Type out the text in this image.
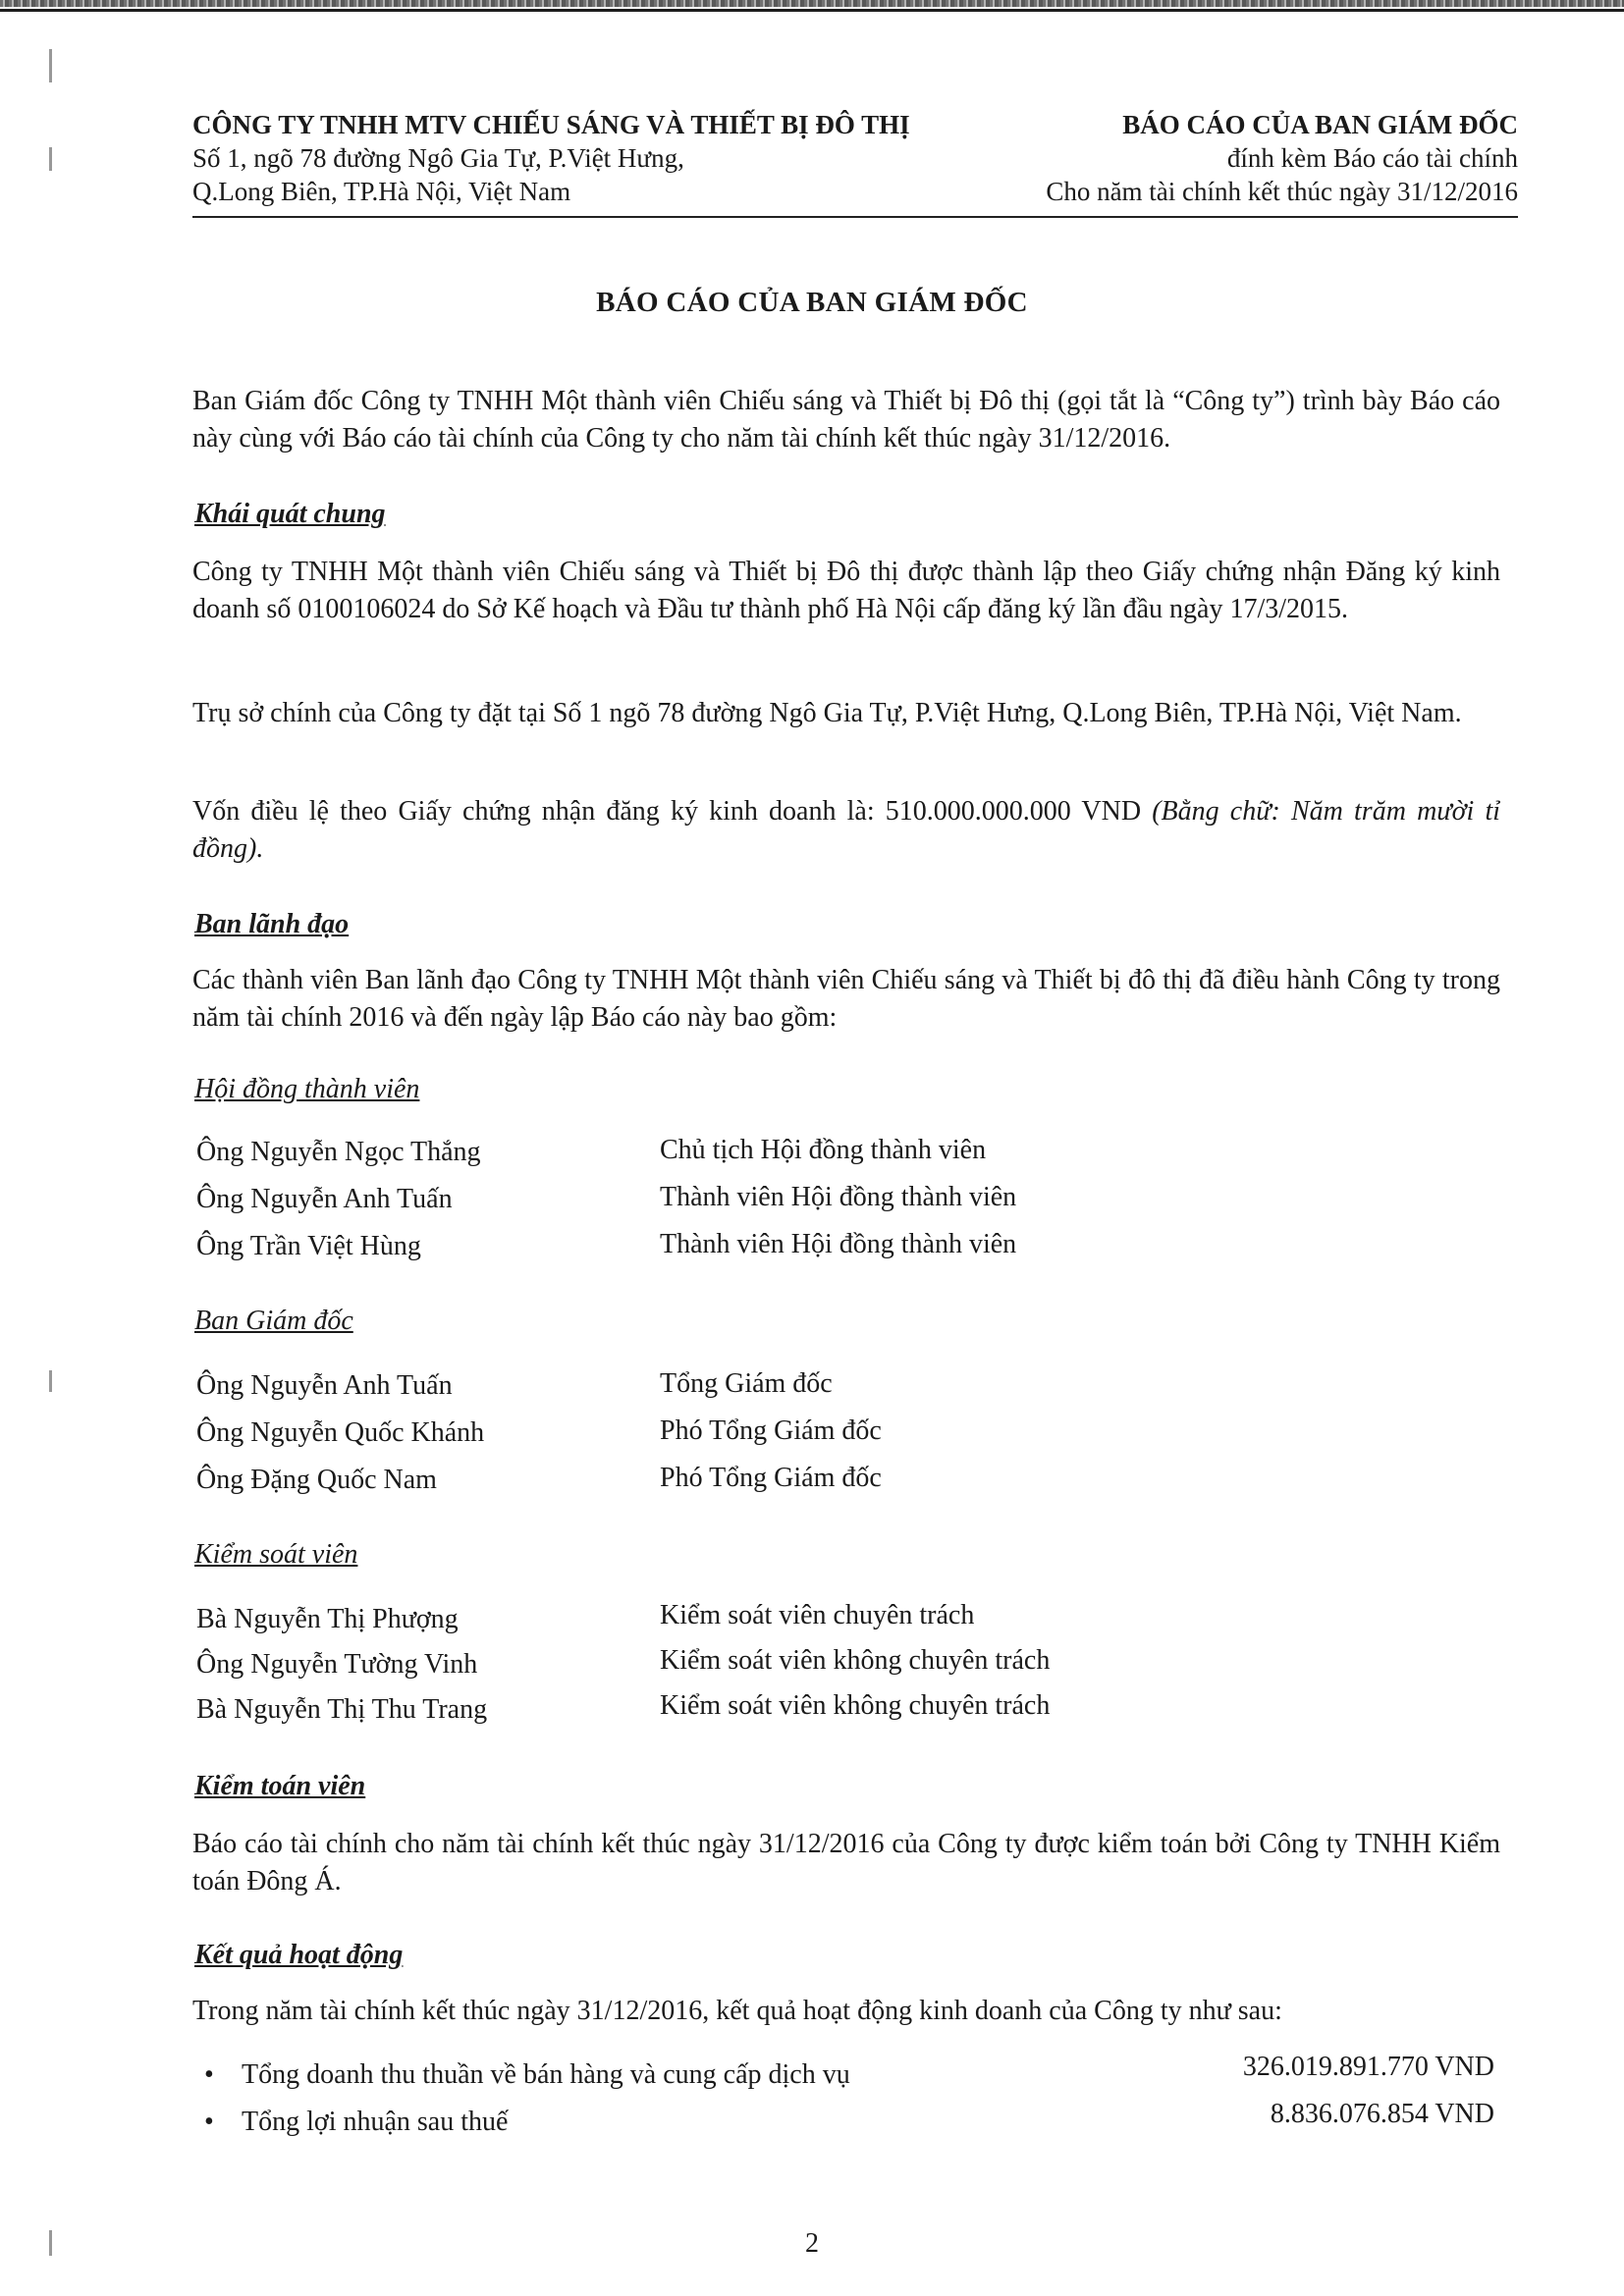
CÔNG TY TNHH MTV CHIẾU SÁNG VÀ THIẾT BỊ ĐÔ THỊ	BÁO CÁO CỦA BAN GIÁM ĐỐC
Số 1, ngõ 78 đường Ngô Gia Tự, P.Việt Hưng,	đính kèm Báo cáo tài chính
Q.Long Biên, TP.Hà Nội, Việt Nam	Cho năm tài chính kết thúc ngày 31/12/2016
BÁO CÁO CỦA BAN GIÁM ĐỐC
Ban Giám đốc Công ty TNHH Một thành viên Chiếu sáng và Thiết bị Đô thị (gọi tắt là “Công ty”) trình bày Báo cáo này cùng với Báo cáo tài chính của Công ty cho năm tài chính kết thúc ngày 31/12/2016.
Khái quát chung
Công ty TNHH Một thành viên Chiếu sáng và Thiết bị Đô thị được thành lập theo Giấy chứng nhận Đăng ký kinh doanh số 0100106024 do Sở Kế hoạch và Đầu tư thành phố Hà Nội cấp đăng ký lần đầu ngày 17/3/2015.
Trụ sở chính của Công ty đặt tại Số 1 ngõ 78 đường Ngô Gia Tự, P.Việt Hưng, Q.Long Biên, TP.Hà Nội, Việt Nam.
Vốn điều lệ theo Giấy chứng nhận đăng ký kinh doanh là: 510.000.000.000 VND (Bằng chữ: Năm trăm mười tỉ đồng).
Ban lãnh đạo
Các thành viên Ban lãnh đạo Công ty TNHH Một thành viên Chiếu sáng và Thiết bị đô thị đã điều hành Công ty trong năm tài chính 2016 và đến ngày lập Báo cáo này bao gồm:
Hội đồng thành viên
Ông Nguyễn Ngọc Thắng	Chủ tịch Hội đồng thành viên
Ông Nguyễn Anh Tuấn	Thành viên Hội đồng thành viên
Ông Trần Việt Hùng	Thành viên Hội đồng thành viên
Ban Giám đốc
Ông Nguyễn Anh Tuấn	Tổng Giám đốc
Ông Nguyễn Quốc Khánh	Phó Tổng Giám đốc
Ông Đặng Quốc Nam	Phó Tổng Giám đốc
Kiểm soát viên
Bà Nguyễn Thị Phượng	Kiểm soát viên chuyên trách
Ông Nguyễn Tường Vinh	Kiểm soát viên không chuyên trách
Bà Nguyễn Thị Thu Trang	Kiểm soát viên không chuyên trách
Kiểm toán viên
Báo cáo tài chính cho năm tài chính kết thúc ngày 31/12/2016 của Công ty được kiểm toán bởi Công ty TNHH Kiểm toán Đông Á.
Kết quả hoạt động
Trong năm tài chính kết thúc ngày 31/12/2016, kết quả hoạt động kinh doanh của Công ty như sau:
• Tổng doanh thu thuần về bán hàng và cung cấp dịch vụ	326.019.891.770 VND
• Tổng lợi nhuận sau thuế	8.836.076.854 VND
2
